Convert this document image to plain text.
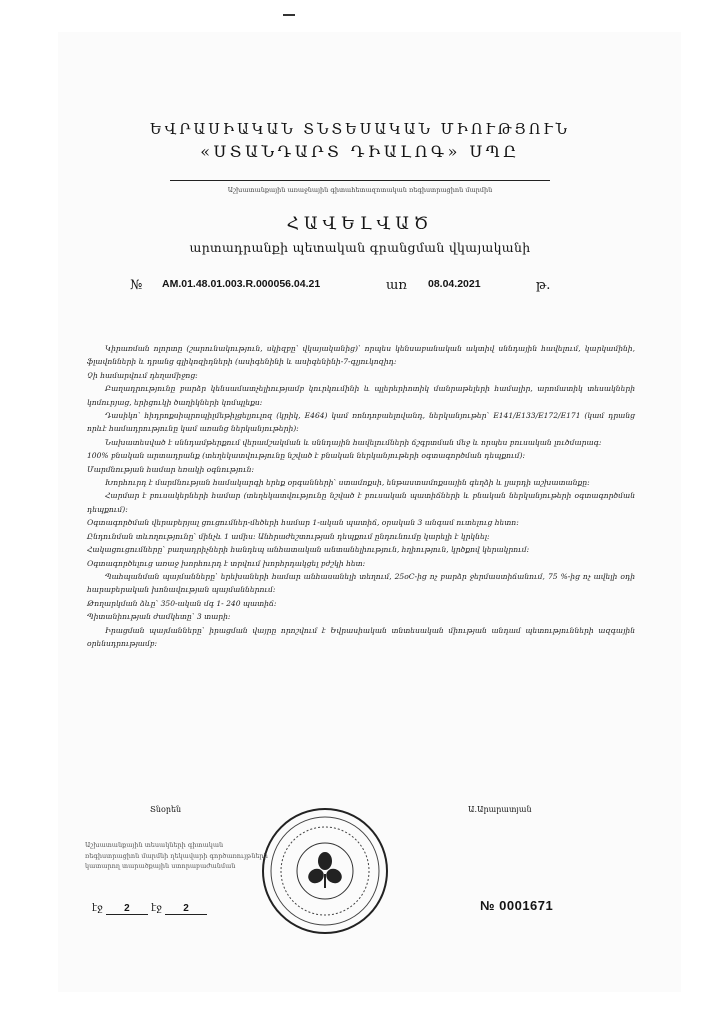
ԵՎՐԱՍԻԱԿԱՆ ՏՆՏԵՍԱԿԱՆ ՄԻՈՒԹՅՈՒՆ
«ՍՏԱՆԴԱՐՏ ԴԻԱԼՈԳ» ՍՊԸ
Աշխատանքային առաջնային գիտահետազոտական ռեգիստրացիոն մարմին
ՀԱՎԵԼՎԱԾ
արտադրանքի պետական գրանցման վկայականի
№ AM.01.48.01.003.R.000056.04.21	առ 08.04.2021	թ.

Կիրառման ոլորտը (շարունակություն, սկիզբը՝ վկայականից)՝ որպես կենսաբանական ակտիվ սննդային հավելում, կարկամինի, ֆլավոնների և դրանց գլիկոզիդների (ասիգենինի և ասիգենինի-7-գլյուկոզիդ:

Չի համարվում դեղամիջոց:

Բաղադրությունը բարձր կենսամատչելիությամբ կուրկումինի և պլերերիոտիկ մանրաթելերի համալիր, արոմատիկ տեսակների կոմուրյաց, երիցուկի ծաղիկների կոմպլեքս:

Դասիկո՝ հիդրոքսիպրոպիլմեթիլցելյուլոզ (կրիկ, E464) կամ ռոնդոբաելովանդ, ներկանյութեր՝ E141/E133/E172/E171 (կամ դրանց որևէ համադրությունը կամ առանց ներկանյութերի):

Նախատեսված է սննդամթերքում վերամշակման և սննդային հավելումների ճշգրտման մեջ և որպես բուսական լուծմարագ:

100% բնական արտադրանք (տեղեկատվությունը նշված է բնական ներկանյութերի օգտագործման դեպքում):

Մարմնության համար եռակի օգնություն:

Խորհուրդ է մարմնության համակարգի երեք օրգանների՝ ստամոքսի, ենթաստամոքսային գեղձի և լյարդի աշխատանքը:

Հարմար է բուսակերների համար (տեղեկատվությունը նշված է բուսական պատիճների և բնական ներկանյութերի օգտագործման դեպքում):

Օգտագործման վերաբերյալ ցուցումներ-մեծերի համար 1-ական պատիճ, օրական 3 անգամ ուտելուց հետո:

Ընդունման տևողությունը՝ մինչև 1 ամիս: Անհրաժեշտության դեպքում ընդունումը կարելի է կրկնել:

Հակացուցումները՝ բաղադրիչների հանդեպ անհատական անտանելիություն, հղիություն, կրծքով կերակրում:

Օգտագործելուց առաջ խորհուրդ է տրվում խորհրդակցել բժշկի հետ:

Պահպանման պայմանները՝ երեխաների համար անհասանելի տեղում, 25oC-ից ոչ բարձր ջերմաստիճանում, 75 %-ից ոչ ավելի օդի հարաբերական խոնավության պայմաններում:

Թողարկման ձևը՝ 350-ական մգ 1- 240 պատիճ:

Պիտանիության ժամկետը՝ 3 տարի:

Իրացման պայմանները՝ իրացման վայրը որոշվում է Եվրասիական տնտեսական միության անդամ պետությունների ազգային օրենսդրությամբ:

Տնօրեն	Ա.Արարատյան
Աշխատանքային տեսակների գիտական ռեգիստրացիոն մարմնի ղեկավարի գործառույթների կատարող տարածքային ստորաբաժանման
էջ 2 էջ 2	№ 0001671
